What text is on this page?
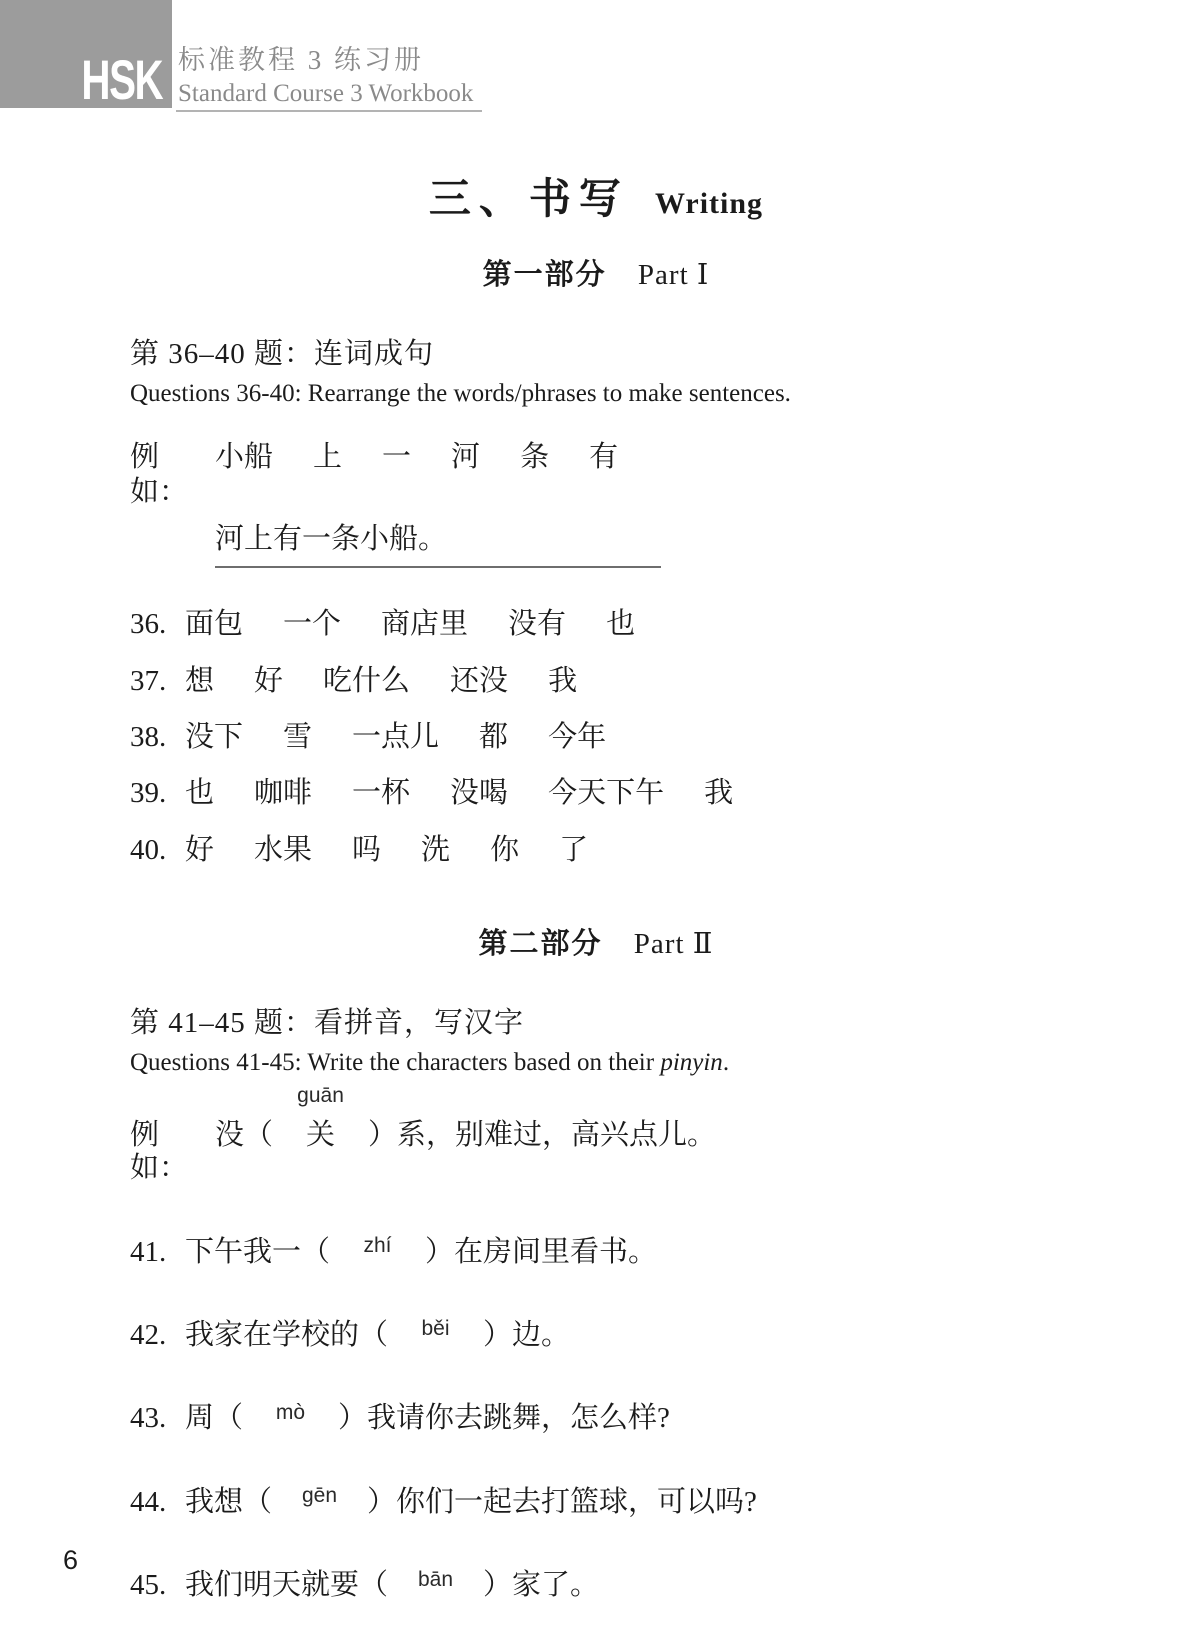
HSK 标准教程 3 练习册
Standard Course 3 Workbook
三、书写 Writing
第一部分 Part Ⅰ
第 36–40 题：连词成句
Questions 36-40: Rearrange the words/phrases to make sentences.
例如：
小船 上 一 河 条 有
河上有一条小船。
36. 面包 一个 商店里 没有 也
37. 想 好 吃什么 还没 我
38. 没下 雪 一点儿 都 今年
39. 也 咖啡 一杯 没喝 今天下午 我
40. 好 水果 吗 洗 你 了
第二部分 Part Ⅱ
第 41–45 题：看拼音，写汉字
Questions 41-45: Write the characters based on their pinyin.
例如：
没（
guān
关 ）系，别难过，高兴点儿。
41. 下午我一（ zhí ）在房间里看书。
42. 我家在学校的（ běi ）边。
43. 周（ mò ）我请你去跳舞，怎么样?
44. 我想（ gēn ）你们一起去打篮球，可以吗?
45. 我们明天就要（ bān ）家了。
6
